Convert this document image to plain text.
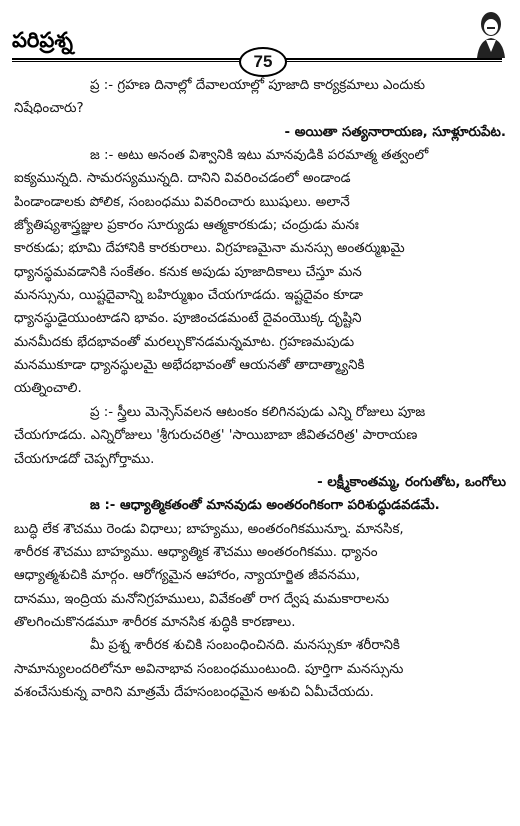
పరిప్రశ్న
75
ప్ర :- గ్రహణ దినాల్లో దేవాలయాల్లో పూజాది కార్యక్రమాలు ఎందుకు
నిషేధించారు?
- అయితా సత్యనారాయణ, సూళ్లూరుపేట.
జ :- అటు అనంత విశ్వానికి ఇటు మానవుడికి పరమాత్మ తత్వంలో
ఐక్యమున్నది. సామరస్యమున్నది. దానిని వివరించడంలో అండాండ
పిండాండాలకు పోలిక, సంబంధము వివరించారు ఋషులు. అలానే
జ్యోతిష్యశాస్త్రజ్ఞుల ప్రకారం సూర్యుడు ఆత్మకారకుడు; చంద్రుడు మనః
కారకుడు; భూమి దేహానికి కారకురాలు. విగ్రహణమైనా మనస్సు అంతర్ముఖమై
ధ్యానస్థమవడానికి సంకేతం. కనుక అపుడు పూజాదికాలు చేస్తూ మన
మనస్సును, యిష్టదైవాన్ని బహిర్ముఖం చేయగూడదు. ఇష్టదైవం కూడా
ధ్యానస్థుడైయుంటాడని భావం. పూజించడమంటే దైవంయొక్క దృష్టిని
మనమీదకు భేదభావంతో మరల్చుకొనడమన్నమాట. గ్రహణమపుడు
మనముకూడా ధ్యానస్థులమై అభేదభావంతో ఆయనతో తాదాత్మ్యానికి
యత్నించాలి.
ప్ర :- స్త్రీలు మెన్సెస్‌వలన ఆటంకం కలిగినపుడు ఎన్ని రోజులు పూజ
చేయగూడదు. ఎన్నిరోజులు 'శ్రీగురుచరిత్ర' 'సాయిబాబా జీవితచరిత్ర' పారాయణ
చేయగూడదో చెప్పగోర్తాము.
- లక్ష్మీకాంతమ్మ, రంగుతోట, ఒంగోలు
జ :- ఆధ్యాత్మికతంతో మానవుడు అంతరంగికంగా పరిశుద్ధుడవడమే.
బుద్ధి లేక శౌచము రెండు విధాలు; బాహ్యము, అంతరంగికమున్నూ. మానసిక,
శారీరక శౌచము బాహ్యము. ఆధ్యాత్మిక శౌచము అంతరంగికము. ధ్యానం
ఆధ్యాత్మశుచికి మార్గం. ఆరోగ్యమైన ఆహారం, న్యాయార్జిత జీవనము,
దానము, ఇంద్రియ మనోనిగ్రహములు, వివేకంతో రాగ ద్వేష మమకారాలను
తొలగించుకొనడమూ శారీరక మానసిక శుద్ధికి కారణాలు.
మీ ప్రశ్న శారీరక శుచికి సంబంధించినది. మనస్సుకూ శరీరానికి
సామాన్యులందరిలోనూ అవినాభావ సంబంధముంటుంది. పూర్తిగా మనస్సును
వశంచేసుకున్న వారిని మాత్రమే దేహసంబంధమైన అశుచి ఏమీచేయదు.
